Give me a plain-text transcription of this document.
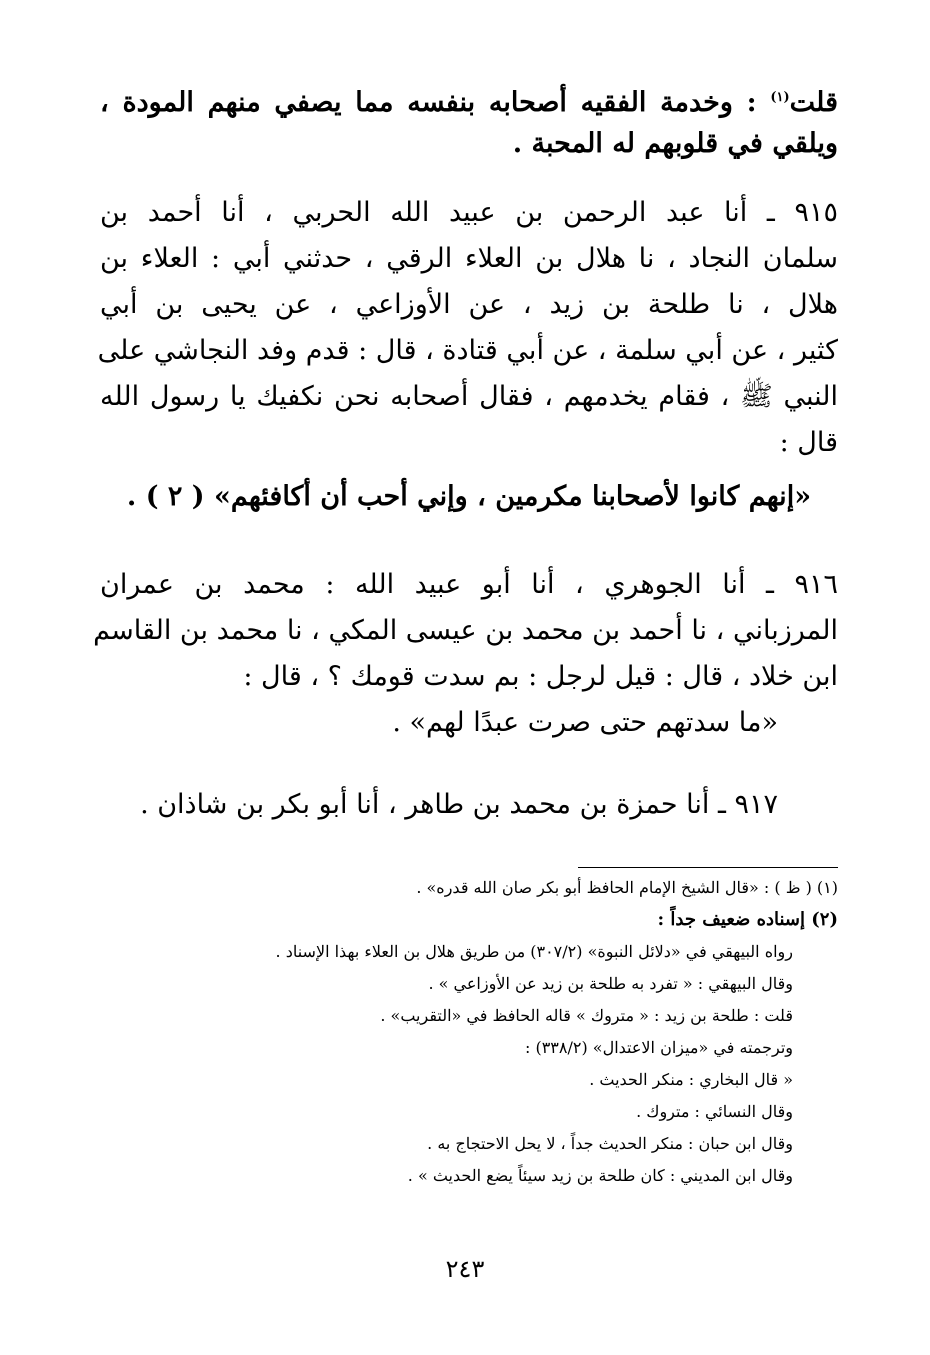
قلت$^{(١)}$ : وخدمة الفقيه أصحابه بنفسه مما يصفي منهم المودة ،
ويلقي في قلوبهم له المحبة .
٩١٥ ـ أنا عبد الرحمن بن عبيد الله الحربي ، أنا أحمد بن
سلمان النجاد ، نا هلال بن العلاء الرقي ، حدثني أبي : العلاء بن
هلال ، نا طلحة بن زيد ، عن الأوزاعي ، عن يحيى بن أبي
كثير ، عن أبي سلمة ، عن أبي قتادة ، قال : قدم وفد النجاشي على
النبي ﷺ ، فقام يخدمهم ، فقال أصحابه نحن نكفيك يا رسول الله
قال :
«إنهم كانوا لأصحابنا مكرمين ، وإني أحب أن أكافئهم» ( ٢ ) .
٩١٦ ـ أنا الجوهري ، أنا أبو عبيد الله : محمد بن عمران
المرزباني ، نا أحمد بن محمد بن عيسى المكي ، نا محمد بن القاسم
ابن خلاد ، قال : قيل لرجل : بم سدت قومك ؟ ، قال :
«ما سدتهم حتى صرت عبدًا لهم» .
٩١٧ ـ أنا حمزة بن محمد بن طاهر ، أنا أبو بكر بن شاذان .
(١) ( ظ ) : «قال الشيخ الإمام الحافظ أبو بكر صان الله قدره» .
(٢) إسناده ضعيف جداً :
رواه البيهقي في «دلائل النبوة» (٣٠٧/٢) من طريق هلال بن العلاء بهذا الإسناد .
وقال البيهقي : « تفرد به طلحة بن زيد عن الأوزاعي » .
قلت : طلحة بن زيد : « متروك » قاله الحافظ في «التقريب» .
وترجمته في «ميزان الاعتدال» (٣٣٨/٢) :
« قال البخاري : منكر الحديث .
وقال النسائي : متروك .
وقال ابن حبان : منكر الحديث جداً ، لا يحل الاحتجاج به .
وقال ابن المديني : كان طلحة بن زيد سيئاً يضع الحديث » .
٢٤٣
